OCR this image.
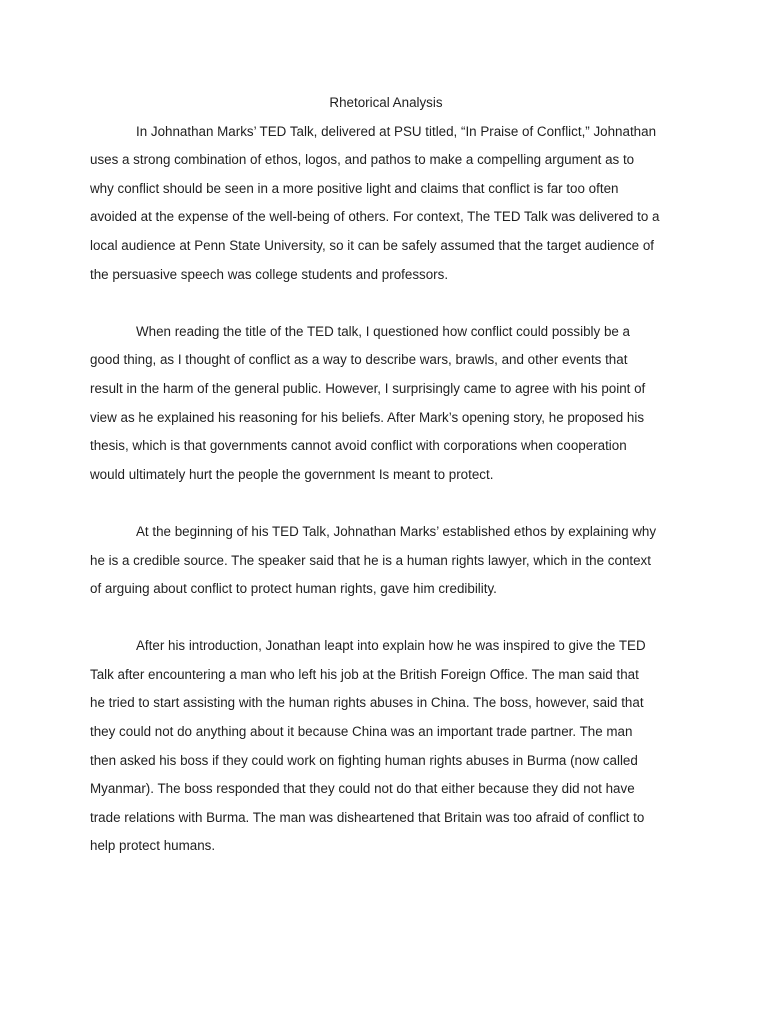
Rhetorical Analysis

In Johnathan Marks’ TED Talk, delivered at PSU titled, “In Praise of Conflict,” Johnathan
uses a strong combination of ethos, logos, and pathos to make a compelling argument as to
why conflict should be seen in a more positive light and claims that conflict is far too often
avoided at the expense of the well-being of others. For context, The TED Talk was delivered to a
local audience at Penn State University, so it can be safely assumed that the target audience of
the persuasive speech was college students and professors.

When reading the title of the TED talk, I questioned how conflict could possibly be a
good thing, as I thought of conflict as a way to describe wars, brawls, and other events that
result in the harm of the general public. However, I surprisingly came to agree with his point of
view as he explained his reasoning for his beliefs. After Mark’s opening story, he proposed his
thesis, which is that governments cannot avoid conflict with corporations when cooperation
would ultimately hurt the people the government Is meant to protect.

At the beginning of his TED Talk, Johnathan Marks’ established ethos by explaining why
he is a credible source. The speaker said that he is a human rights lawyer, which in the context
of arguing about conflict to protect human rights, gave him credibility.

After his introduction, Jonathan leapt into explain how he was inspired to give the TED
Talk after encountering a man who left his job at the British Foreign Office. The man said that
he tried to start assisting with the human rights abuses in China. The boss, however, said that
they could not do anything about it because China was an important trade partner. The man
then asked his boss if they could work on fighting human rights abuses in Burma (now called
Myanmar). The boss responded that they could not do that either because they did not have
trade relations with Burma. The man was disheartened that Britain was too afraid of conflict to
help protect humans.
